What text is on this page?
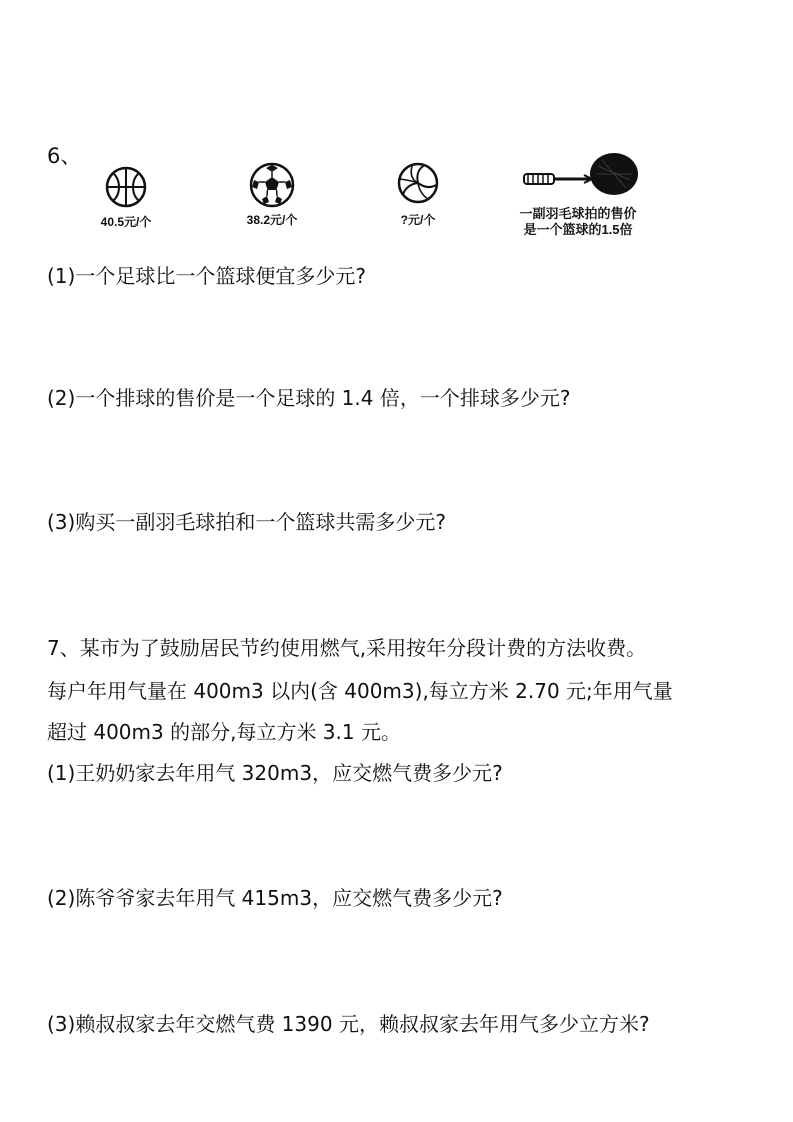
6、
40.5元/个	38.2元/个	?元/个	一副羽毛球拍的售价
是一个篮球的1.5倍
(1)一个足球比一个篮球便宜多少元?
(2)一个排球的售价是一个足球的 1.4 倍，一个排球多少元?
(3)购买一副羽毛球拍和一个篮球共需多少元?
7、某市为了鼓励居民节约使用燃气,采用按年分段计费的方法收费。
每户年用气量在 400m3 以内(含 400m3),每立方米 2.70 元;年用气量
超过 400m3 的部分,每立方米 3.1 元。
(1)王奶奶家去年用气 320m3，应交燃气费多少元?
(2)陈爷爷家去年用气 415m3，应交燃气费多少元?
(3)赖叔叔家去年交燃气费 1390 元，赖叔叔家去年用气多少立方米?
